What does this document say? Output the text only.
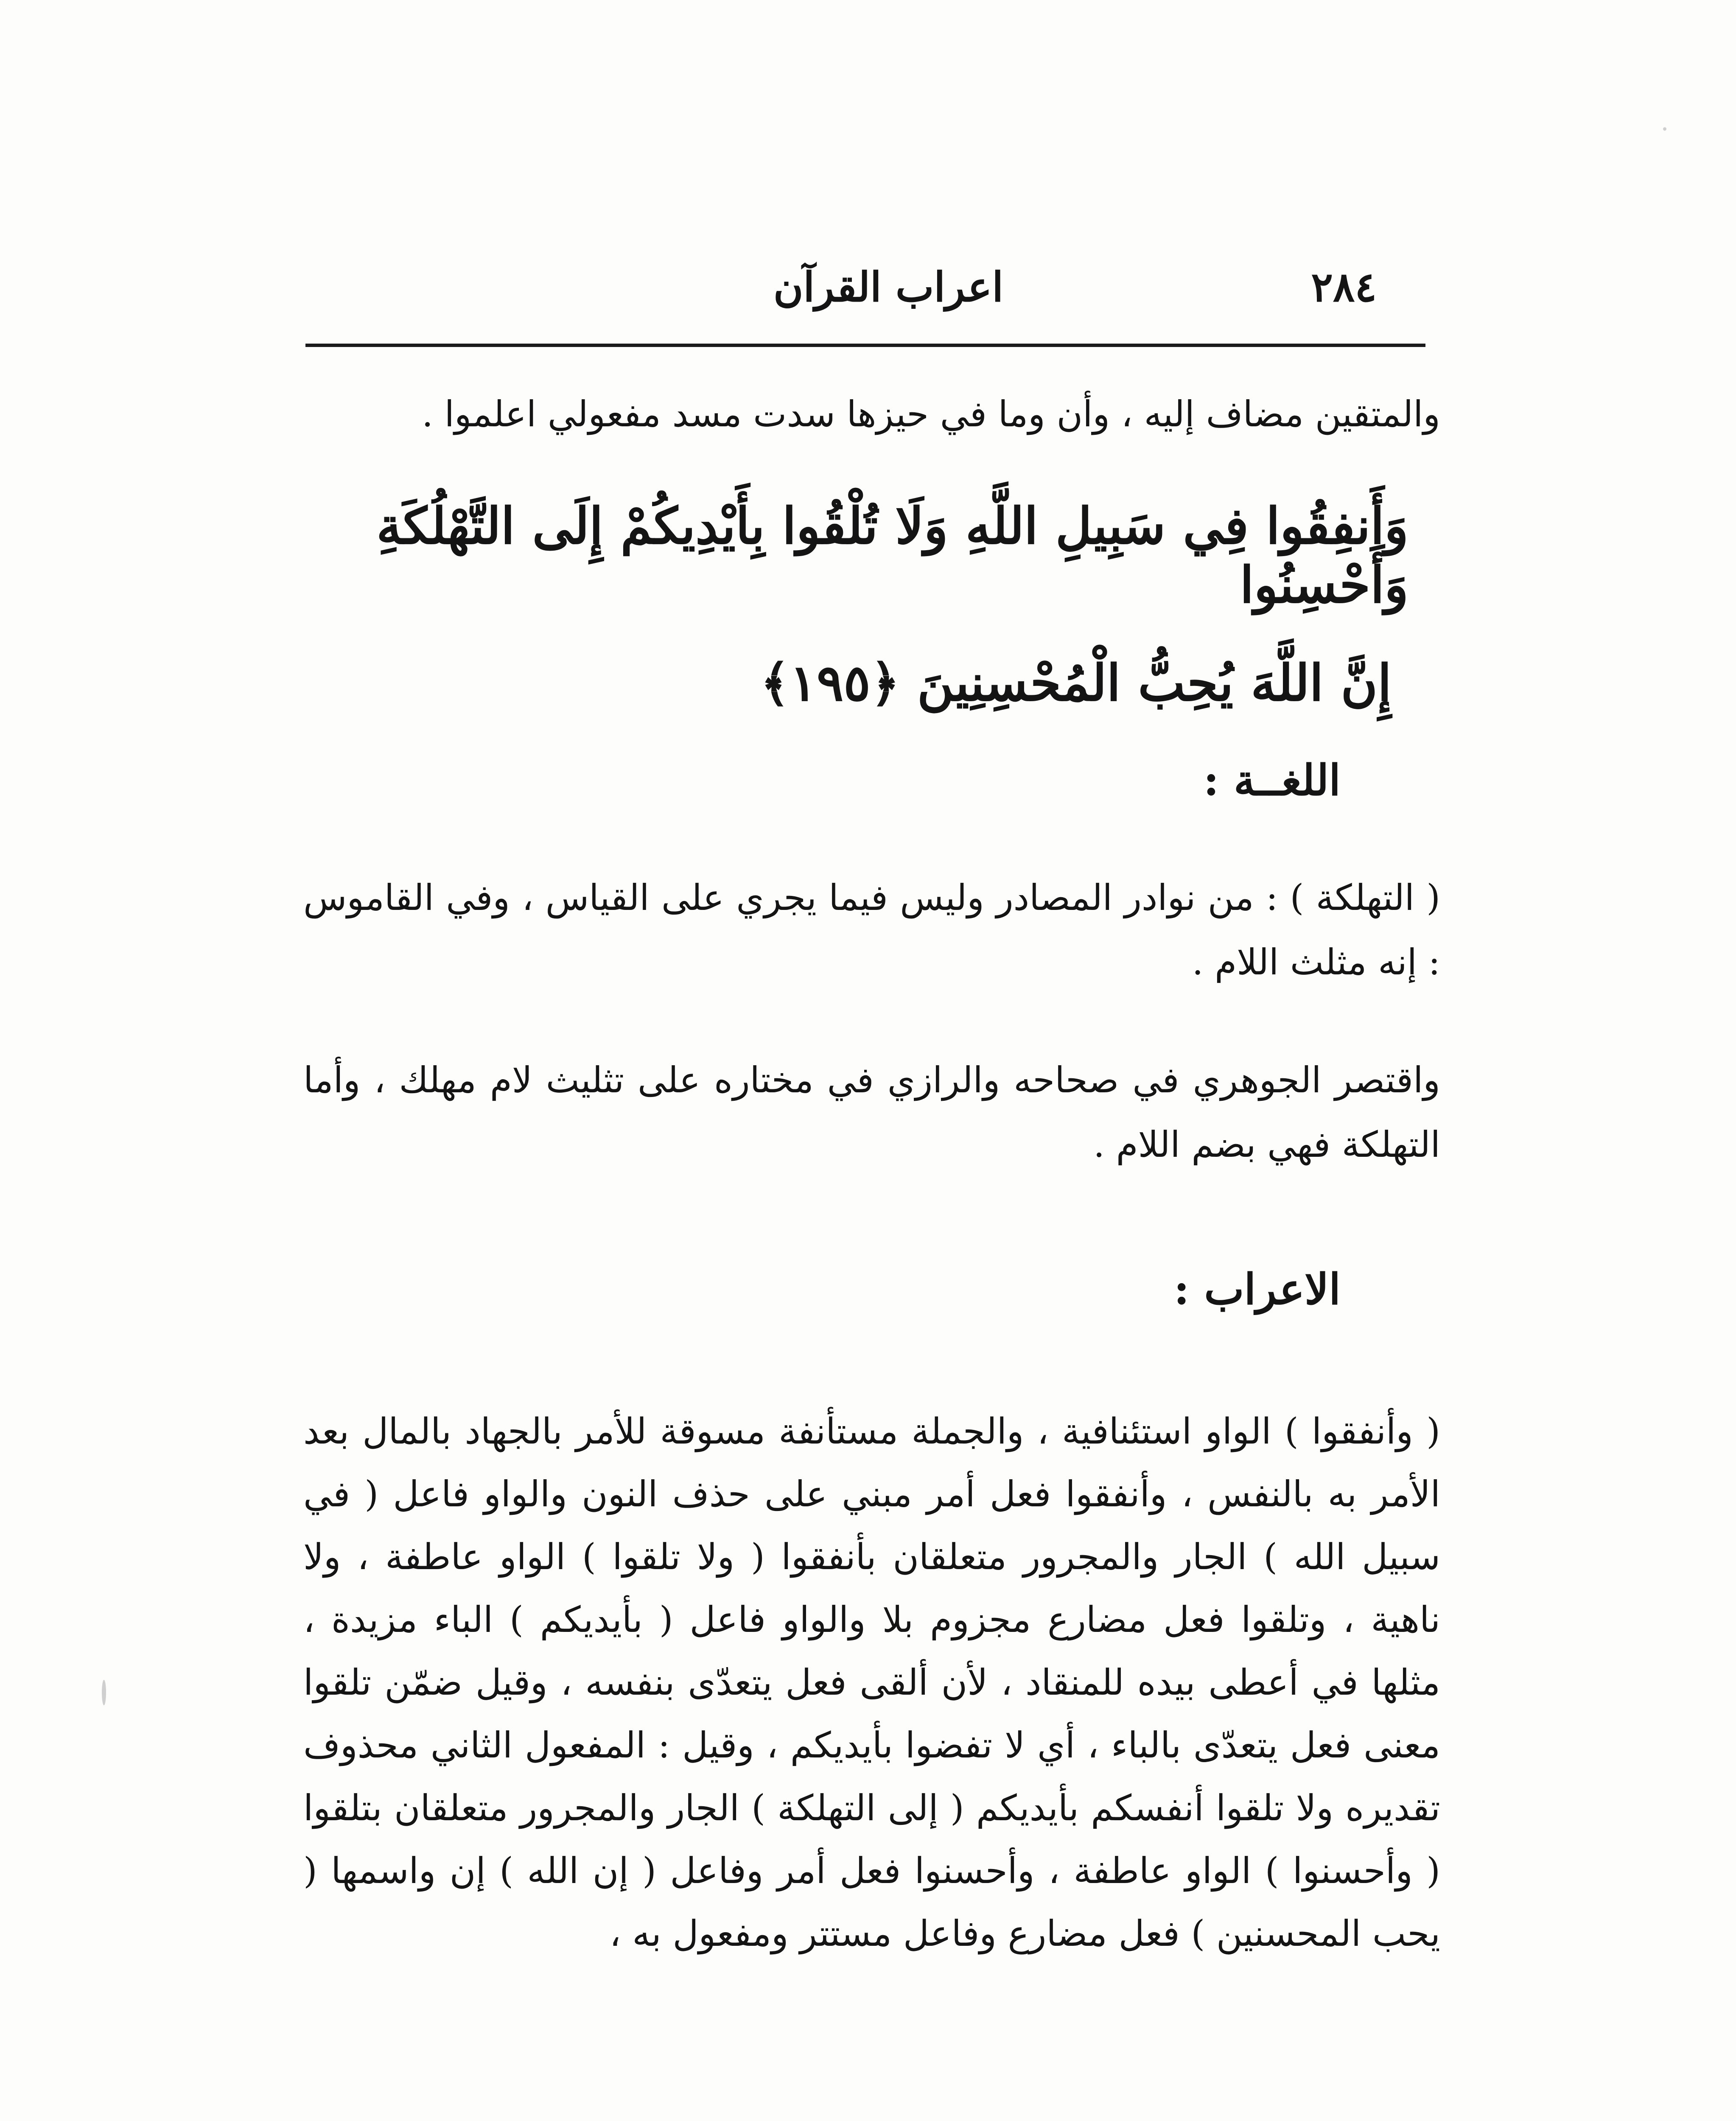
٢٨٤
اعراب القرآن
والمتقين مضاف إليه ، وأن وما في حيزها سدت مسد مفعولي اعلموا .
وَأَنفِقُوا فِي سَبِيلِ اللَّهِ وَلَا تُلْقُوا بِأَيْدِيكُمْ إِلَى التَّهْلُكَةِ وَأَحْسِنُوا
إِنَّ اللَّهَ يُحِبُّ الْمُحْسِنِينَ ﴿١٩٥﴾
اللغــة :
( التهلكة ) : من نوادر المصادر وليس فيما يجري على القياس ، وفي القاموس : إنه مثلث اللام .
واقتصر الجوهري في صحاحه والرازي في مختاره على تثليث لام مهلك ، وأما التهلكة فهي بضم اللام .
الاعراب :
( وأنفقوا ) الواو استئنافية ، والجملة مستأنفة مسوقة للأمر بالجهاد بالمال بعد الأمر به بالنفس ، وأنفقوا فعل أمر مبني على حذف النون والواو فاعل ( في سبيل الله ) الجار والمجرور متعلقان بأنفقوا ( ولا تلقوا ) الواو عاطفة ، ولا ناهية ، وتلقوا فعل مضارع مجزوم بلا والواو فاعل ( بأيديكم ) الباء مزيدة ، مثلها في أعطى بيده للمنقاد ، لأن ألقى فعل يتعدّى بنفسه ، وقيل ضمّن تلقوا معنى فعل يتعدّى بالباء ، أي لا تفضوا بأيديكم ، وقيل : المفعول الثاني محذوف تقديره ولا تلقوا أنفسكم بأيديكم ( إلى التهلكة ) الجار والمجرور متعلقان بتلقوا ( وأحسنوا ) الواو عاطفة ، وأحسنوا فعل أمر وفاعل ( إن الله ) إن واسمها ( يحب المحسنين ) فعل مضارع وفاعل مستتر ومفعول به ،
